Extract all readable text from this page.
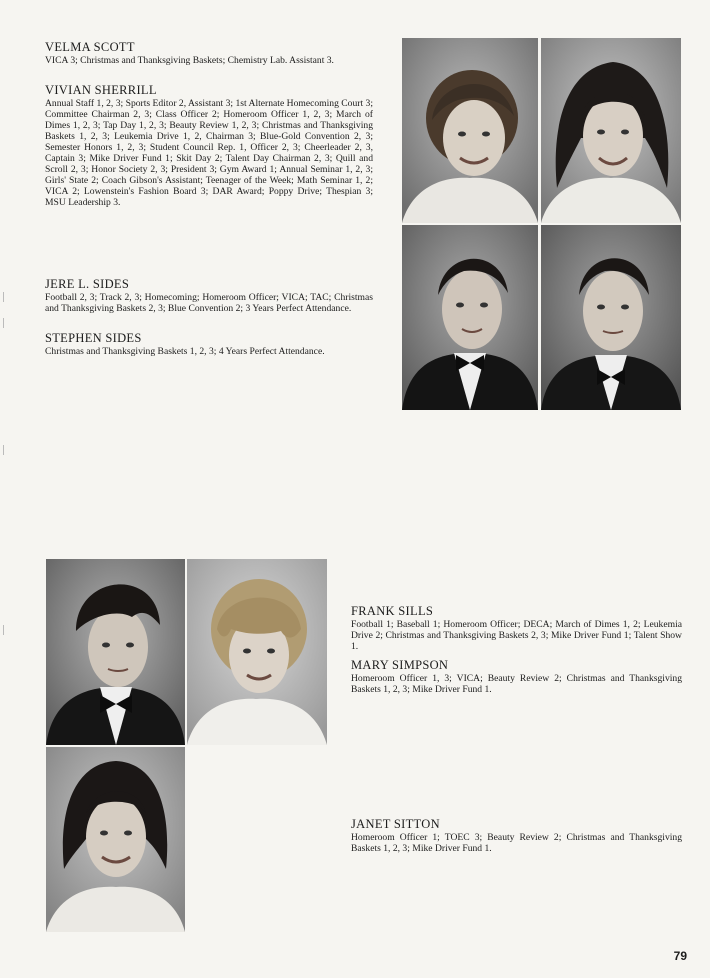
VELMA SCOTT

VICA 3; Christmas and Thanksgiving Baskets; Chemistry Lab. Assistant 3.

VIVIAN SHERRILL

Annual Staff 1, 2, 3; Sports Editor 2, Assistant 3; 1st Alternate Homecoming Court 3; Committee Chairman 2, 3; Class Officer 2; Homeroom Officer 1, 2, 3; March of Dimes 1, 2, 3; Tap Day 1, 2, 3; Beauty Review 1, 2, 3; Christmas and Thanksgiving Baskets 1, 2, 3; Leukemia Drive 1, 2, Chairman 3; Blue-Gold Convention 2, 3; Semester Honors 1, 2, 3; Student Council Rep. 1, Officer 2, 3; Cheerleader 2, 3, Captain 3; Mike Driver Fund 1; Skit Day 2; Talent Day Chairman 2, 3; Quill and Scroll 2, 3; Honor Society 2, 3; President 3; Gym Award 1; Annual Seminar 1, 2, 3; Girls' State 2; Coach Gibson's Assistant; Teenager of the Week; Math Seminar 1, 2; VICA 2; Lowenstein's Fashion Board 3; DAR Award; Poppy Drive; Thespian 3; MSU Leadership 3.

JERE L. SIDES

Football 2, 3; Track 2, 3; Homecoming; Homeroom Officer; VICA; TAC; Christmas and Thanksgiving Baskets 2, 3; Blue Convention 2; 3 Years Perfect Attendance.

STEPHEN SIDES

Christmas and Thanksgiving Baskets 1, 2, 3; 4 Years Perfect Attendance.

FRANK SILLS

Football 1; Baseball 1; Homeroom Officer; DECA; March of Dimes 1, 2; Leukemia Drive 2; Christmas and Thanksgiving Baskets 2, 3; Mike Driver Fund 1; Talent Show 1.

MARY SIMPSON

Homeroom Officer 1, 3; VICA; Beauty Review 2; Christmas and Thanksgiving Baskets 1, 2, 3; Mike Driver Fund 1.

JANET SITTON

Homeroom Officer 1; TOEC 3; Beauty Review 2; Christmas and Thanksgiving Baskets 1, 2, 3; Mike Driver Fund 1.

79
